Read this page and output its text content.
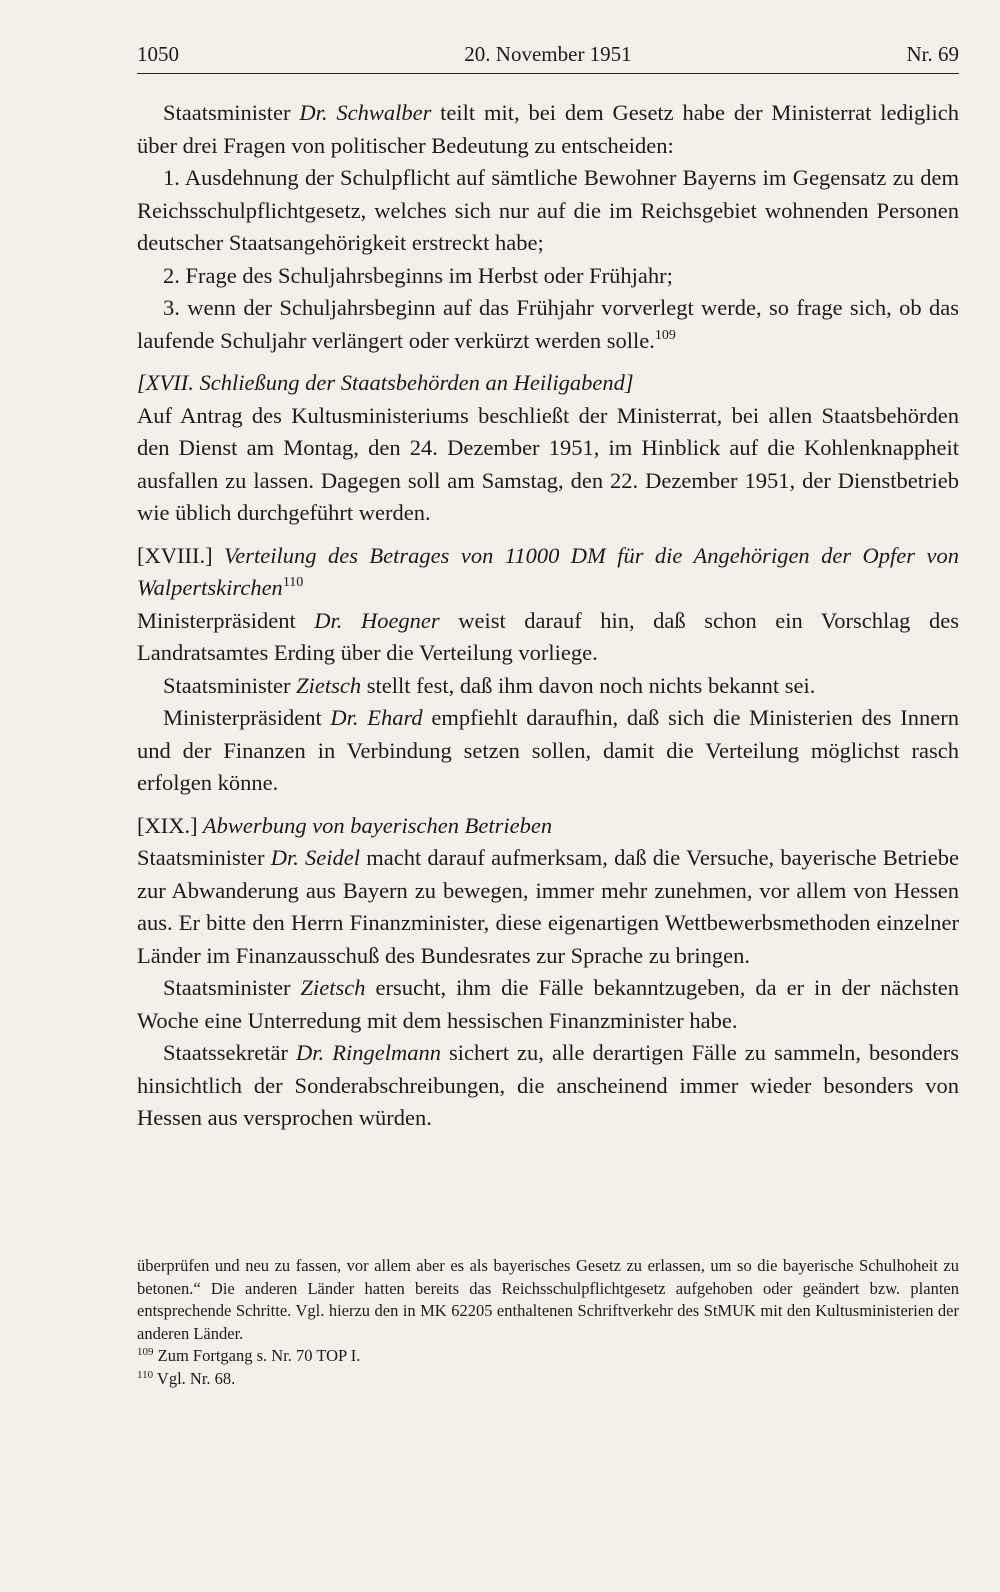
1050	20. November 1951	Nr. 69

Staatsminister Dr. Schwalber teilt mit, bei dem Gesetz habe der Ministerrat lediglich über drei Fragen von politischer Bedeutung zu entscheiden:

1. Ausdehnung der Schulpflicht auf sämtliche Bewohner Bayerns im Gegensatz zu dem Reichsschulpflichtgesetz, welches sich nur auf die im Reichsgebiet wohnenden Personen deutscher Staatsangehörigkeit erstreckt habe;

2. Frage des Schuljahrsbeginns im Herbst oder Frühjahr;

3. wenn der Schuljahrsbeginn auf das Frühjahr vorverlegt werde, so frage sich, ob das laufende Schuljahr verlängert oder verkürzt werden solle.$^{109}$

[XVII. Schließung der Staatsbehörden an Heiligabend]

Auf Antrag des Kultusministeriums beschließt der Ministerrat, bei allen Staatsbehörden den Dienst am Montag, den 24. Dezember 1951, im Hinblick auf die Kohlenknappheit ausfallen zu lassen. Dagegen soll am Samstag, den 22. Dezember 1951, der Dienstbetrieb wie üblich durchgeführt werden.

[XVIII.] Verteilung des Betrages von 11000 DM für die Angehörigen der Opfer von Walpertskirchen$^{110}$

Ministerpräsident Dr. Hoegner weist darauf hin, daß schon ein Vorschlag des Landratsamtes Erding über die Verteilung vorliege.

Staatsminister Zietsch stellt fest, daß ihm davon noch nichts bekannt sei.

Ministerpräsident Dr. Ehard empfiehlt daraufhin, daß sich die Ministerien des Innern und der Finanzen in Verbindung setzen sollen, damit die Verteilung möglichst rasch erfolgen könne.

[XIX.] Abwerbung von bayerischen Betrieben

Staatsminister Dr. Seidel macht darauf aufmerksam, daß die Versuche, bayerische Betriebe zur Abwanderung aus Bayern zu bewegen, immer mehr zunehmen, vor allem von Hessen aus. Er bitte den Herrn Finanzminister, diese eigenartigen Wettbewerbsmethoden einzelner Länder im Finanzausschuß des Bundesrates zur Sprache zu bringen.

Staatsminister Zietsch ersucht, ihm die Fälle bekanntzugeben, da er in der nächsten Woche eine Unterredung mit dem hessischen Finanzminister habe.

Staatssekretär Dr. Ringelmann sichert zu, alle derartigen Fälle zu sammeln, besonders hinsichtlich der Sonderabschreibungen, die anscheinend immer wieder besonders von Hessen aus versprochen würden.

überprüfen und neu zu fassen, vor allem aber es als bayerisches Gesetz zu erlassen, um so die bayerische Schulhoheit zu betonen.“ Die anderen Länder hatten bereits das Reichsschulpflichtgesetz aufgehoben oder geändert bzw. planten entsprechende Schritte. Vgl. hierzu den in MK 62205 enthaltenen Schriftverkehr des StMUK mit den Kultusministerien der anderen Länder.

$^{109}$ Zum Fortgang s. Nr. 70 TOP I.

$^{110}$ Vgl. Nr. 68.
